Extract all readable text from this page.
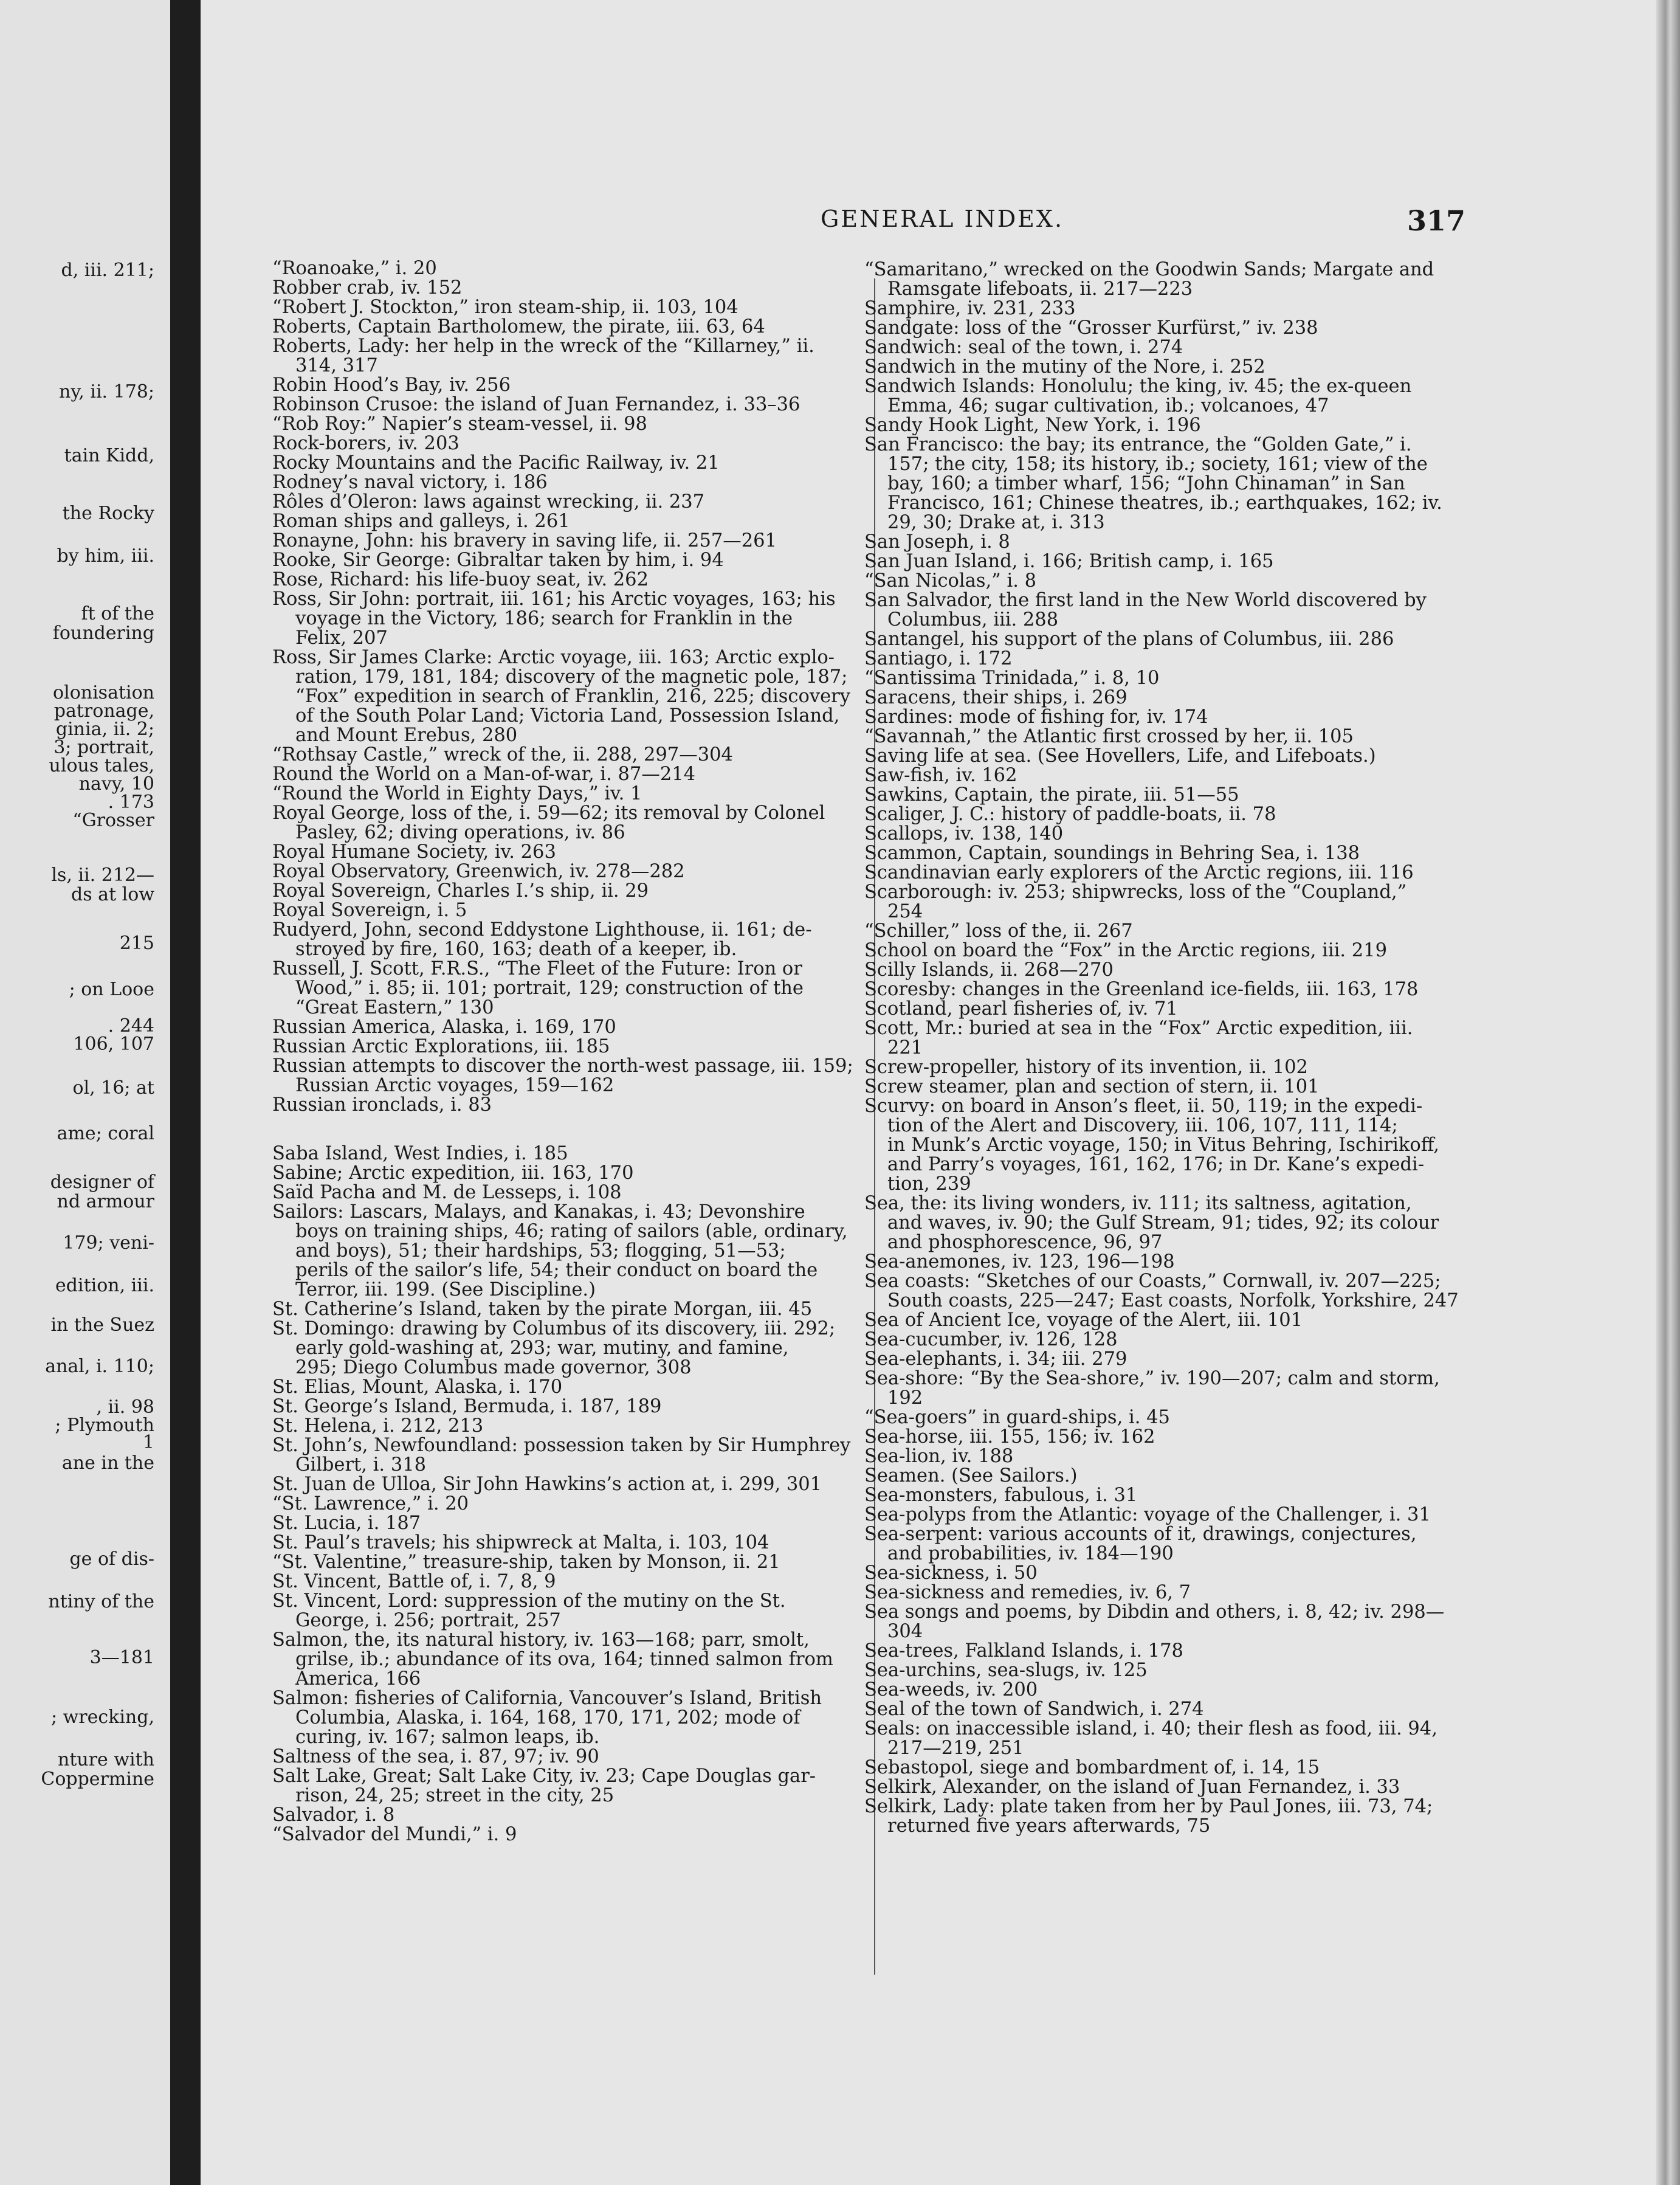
d, iii. 211;
ny, ii. 178;
tain Kidd,
the Rocky
by him, iii.
ft of the
foundering
olonisation
patronage,
ginia, ii. 2;
3; portrait,
ulous tales,
navy, 10
. 173
“Grosser
ls, ii. 212—
ds at low
215
; on Looe
. 244
106, 107
ol, 16; at
ame; coral
designer of
nd armour
179; veni-
edition, iii.
in the Suez
anal, i. 110;
, ii. 98
; Plymouth
1
ane in the
ge of dis-
ntiny of the
3—181
; wrecking,
nture with
Coppermine
GENERAL INDEX.	317
“Roanoake,” i. 20
Robber crab, iv. 152
“Robert J. Stockton,” iron steam-ship, ii. 103, 104
Roberts, Captain Bartholomew, the pirate, iii. 63, 64
Roberts, Lady: her help in the wreck of the “Killarney,” ii.
314, 317
Robin Hood’s Bay, iv. 256
Robinson Crusoe: the island of Juan Fernandez, i. 33–36
“Rob Roy:” Napier’s steam-vessel, ii. 98
Rock-borers, iv. 203
Rocky Mountains and the Pacific Railway, iv. 21
Rodney’s naval victory, i. 186
Rôles d’Oleron: laws against wrecking, ii. 237
Roman ships and galleys, i. 261
Ronayne, John: his bravery in saving life, ii. 257—261
Rooke, Sir George: Gibraltar taken by him, i. 94
Rose, Richard: his life-buoy seat, iv. 262
Ross, Sir John: portrait, iii. 161; his Arctic voyages, 163; his
voyage in the Victory, 186; search for Franklin in the
Felix, 207
Ross, Sir James Clarke: Arctic voyage, iii. 163; Arctic explo-
ration, 179, 181, 184; discovery of the magnetic pole, 187;
“Fox” expedition in search of Franklin, 216, 225; discovery
of the South Polar Land; Victoria Land, Possession Island,
and Mount Erebus, 280
“Rothsay Castle,” wreck of the, ii. 288, 297—304
Round the World on a Man-of-war, i. 87—214
“Round the World in Eighty Days,” iv. 1
Royal George, loss of the, i. 59—62; its removal by Colonel
Pasley, 62; diving operations, iv. 86
Royal Humane Society, iv. 263
Royal Observatory, Greenwich, iv. 278—282
Royal Sovereign, Charles I.’s ship, ii. 29
Royal Sovereign, i. 5
Rudyerd, John, second Eddystone Lighthouse, ii. 161; de-
stroyed by fire, 160, 163; death of a keeper, ib.
Russell, J. Scott, F.R.S., “The Fleet of the Future: Iron or
Wood,” i. 85; ii. 101; portrait, 129; construction of the
“Great Eastern,” 130
Russian America, Alaska, i. 169, 170
Russian Arctic Explorations, iii. 185
Russian attempts to discover the north-west passage, iii. 159;
Russian Arctic voyages, 159—162
Russian ironclads, i. 83
Saba Island, West Indies, i. 185
Sabine; Arctic expedition, iii. 163, 170
Saïd Pacha and M. de Lesseps, i. 108
Sailors: Lascars, Malays, and Kanakas, i. 43; Devonshire
boys on training ships, 46; rating of sailors (able, ordinary,
and boys), 51; their hardships, 53; flogging, 51—53;
perils of the sailor’s life, 54; their conduct on board the
Terror, iii. 199. (See Discipline.)
St. Catherine’s Island, taken by the pirate Morgan, iii. 45
St. Domingo: drawing by Columbus of its discovery, iii. 292;
early gold-washing at, 293; war, mutiny, and famine,
295; Diego Columbus made governor, 308
St. Elias, Mount, Alaska, i. 170
St. George’s Island, Bermuda, i. 187, 189
St. Helena, i. 212, 213
St. John’s, Newfoundland: possession taken by Sir Humphrey
Gilbert, i. 318
St. Juan de Ulloa, Sir John Hawkins’s action at, i. 299, 301
“St. Lawrence,” i. 20
St. Lucia, i. 187
St. Paul’s travels; his shipwreck at Malta, i. 103, 104
“St. Valentine,” treasure-ship, taken by Monson, ii. 21
St. Vincent, Battle of, i. 7, 8, 9
St. Vincent, Lord: suppression of the mutiny on the St.
George, i. 256; portrait, 257
Salmon, the, its natural history, iv. 163—168; parr, smolt,
grilse, ib.; abundance of its ova, 164; tinned salmon from
America, 166
Salmon: fisheries of California, Vancouver’s Island, British
Columbia, Alaska, i. 164, 168, 170, 171, 202; mode of
curing, iv. 167; salmon leaps, ib.
Saltness of the sea, i. 87, 97; iv. 90
Salt Lake, Great; Salt Lake City, iv. 23; Cape Douglas gar-
rison, 24, 25; street in the city, 25
Salvador, i. 8
“Salvador del Mundi,” i. 9
“Samaritano,” wrecked on the Goodwin Sands; Margate and
Ramsgate lifeboats, ii. 217—223
Samphire, iv. 231, 233
Sandgate: loss of the “Grosser Kurfürst,” iv. 238
Sandwich: seal of the town, i. 274
Sandwich in the mutiny of the Nore, i. 252
Sandwich Islands: Honolulu; the king, iv. 45; the ex-queen
Emma, 46; sugar cultivation, ib.; volcanoes, 47
Sandy Hook Light, New York, i. 196
San Francisco: the bay; its entrance, the “Golden Gate,” i.
157; the city, 158; its history, ib.; society, 161; view of the
bay, 160; a timber wharf, 156; “John Chinaman” in San
Francisco, 161; Chinese theatres, ib.; earthquakes, 162; iv.
29, 30; Drake at, i. 313
San Joseph, i. 8
San Juan Island, i. 166; British camp, i. 165
“San Nicolas,” i. 8
San Salvador, the first land in the New World discovered by
Columbus, iii. 288
Santangel, his support of the plans of Columbus, iii. 286
Santiago, i. 172
“Santissima Trinidada,” i. 8, 10
Saracens, their ships, i. 269
Sardines: mode of fishing for, iv. 174
“Savannah,” the Atlantic first crossed by her, ii. 105
Saving life at sea. (See Hovellers, Life, and Lifeboats.)
Saw-fish, iv. 162
Sawkins, Captain, the pirate, iii. 51—55
Scaliger, J. C.: history of paddle-boats, ii. 78
Scallops, iv. 138, 140
Scammon, Captain, soundings in Behring Sea, i. 138
Scandinavian early explorers of the Arctic regions, iii. 116
Scarborough: iv. 253; shipwrecks, loss of the “Coupland,”
254
“Schiller,” loss of the, ii. 267
School on board the “Fox” in the Arctic regions, iii. 219
Scilly Islands, ii. 268—270
Scoresby: changes in the Greenland ice-fields, iii. 163, 178
Scotland, pearl fisheries of, iv. 71
Scott, Mr.: buried at sea in the “Fox” Arctic expedition, iii.
221
Screw-propeller, history of its invention, ii. 102
Screw steamer, plan and section of stern, ii. 101
Scurvy: on board in Anson’s fleet, ii. 50, 119; in the expedi-
tion of the Alert and Discovery, iii. 106, 107, 111, 114;
in Munk’s Arctic voyage, 150; in Vitus Behring, Ischirikoff,
and Parry’s voyages, 161, 162, 176; in Dr. Kane’s expedi-
tion, 239
Sea, the: its living wonders, iv. 111; its saltness, agitation,
and waves, iv. 90; the Gulf Stream, 91; tides, 92; its colour
and phosphorescence, 96, 97
Sea-anemones, iv. 123, 196—198
Sea coasts: “Sketches of our Coasts,” Cornwall, iv. 207—225;
South coasts, 225—247; East coasts, Norfolk, Yorkshire, 247
Sea of Ancient Ice, voyage of the Alert, iii. 101
Sea-cucumber, iv. 126, 128
Sea-elephants, i. 34; iii. 279
Sea-shore: “By the Sea-shore,” iv. 190—207; calm and storm,
192
“Sea-goers” in guard-ships, i. 45
Sea-horse, iii. 155, 156; iv. 162
Sea-lion, iv. 188
Seamen. (See Sailors.)
Sea-monsters, fabulous, i. 31
Sea-polyps from the Atlantic: voyage of the Challenger, i. 31
Sea-serpent: various accounts of it, drawings, conjectures,
and probabilities, iv. 184—190
Sea-sickness, i. 50
Sea-sickness and remedies, iv. 6, 7
Sea songs and poems, by Dibdin and others, i. 8, 42; iv. 298—
304
Sea-trees, Falkland Islands, i. 178
Sea-urchins, sea-slugs, iv. 125
Sea-weeds, iv. 200
Seal of the town of Sandwich, i. 274
Seals: on inaccessible island, i. 40; their flesh as food, iii. 94,
217—219, 251
Sebastopol, siege and bombardment of, i. 14, 15
Selkirk, Alexander, on the island of Juan Fernandez, i. 33
Selkirk, Lady: plate taken from her by Paul Jones, iii. 73, 74;
returned five years afterwards, 75
